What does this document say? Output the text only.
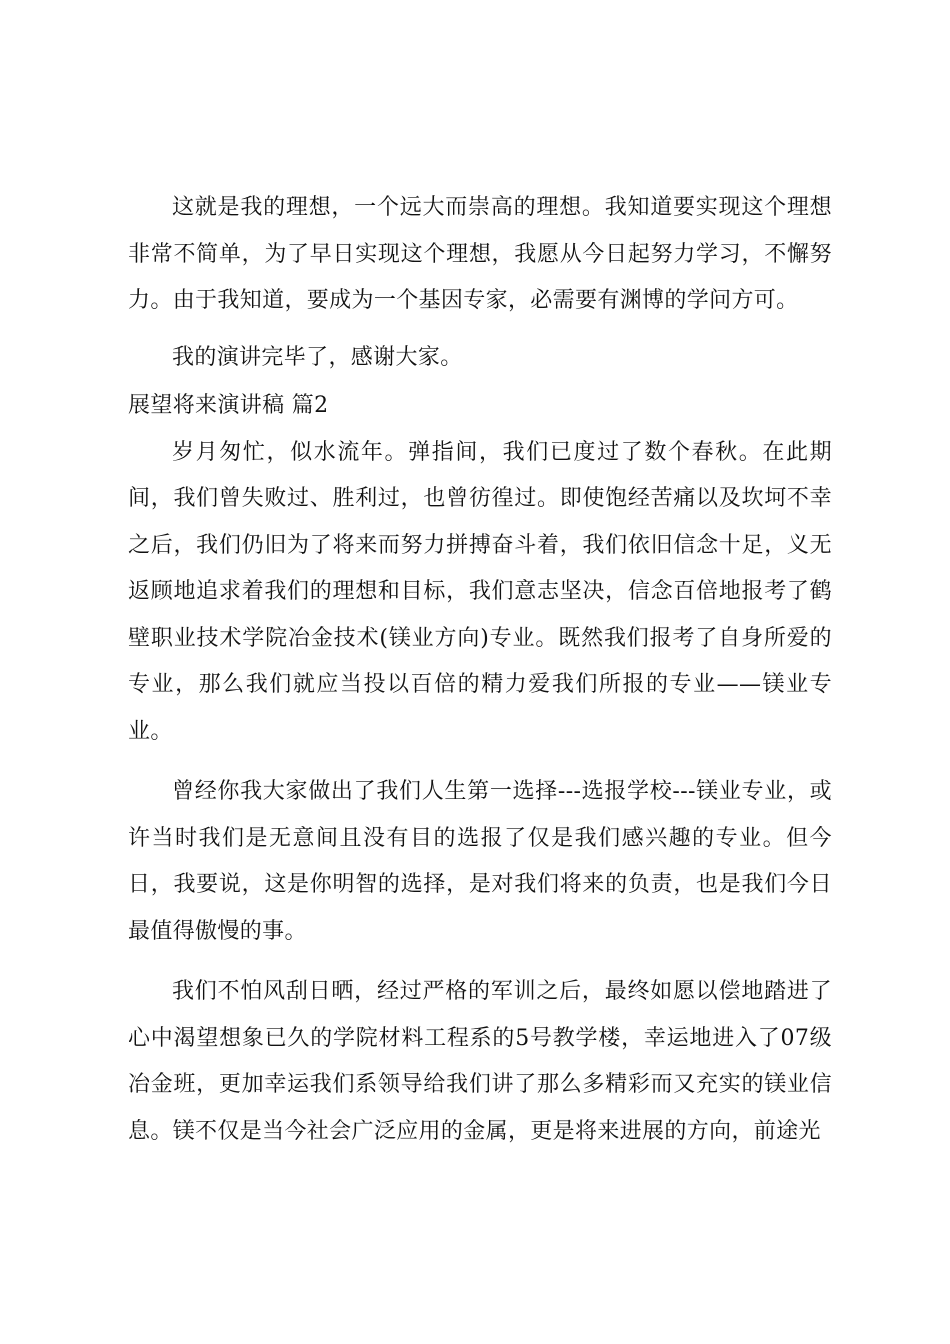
这就是我的理想，一个远大而崇高的理想。我知道要实现这个理想非常不简单，为了早日实现这个理想，我愿从今日起努力学习，不懈努力。由于我知道，要成为一个基因专家，必需要有渊博的学问方可。

我的演讲完毕了，感谢大家。

展望将来演讲稿 篇2

岁月匆忙，似水流年。弹指间，我们已度过了数个春秋。在此期间，我们曾失败过、胜利过，也曾彷徨过。即使饱经苦痛以及坎坷不幸之后，我们仍旧为了将来而努力拼搏奋斗着，我们依旧信念十足，义无返顾地追求着我们的理想和目标，我们意志坚决，信念百倍地报考了鹤壁职业技术学院冶金技术(镁业方向)专业。既然我们报考了自身所爱的专业，那么我们就应当投以百倍的精力爱我们所报的专业——镁业专业。

曾经你我大家做出了我们人生第一选择---选报学校---镁业专业，或许当时我们是无意间且没有目的选报了仅是我们感兴趣的专业。但今日，我要说，这是你明智的选择，是对我们将来的负责，也是我们今日最值得傲慢的事。

我们不怕风刮日晒，经过严格的军训之后，最终如愿以偿地踏进了心中渴望想象已久的学院材料工程系的5号教学楼，幸运地进入了07级冶金班，更加幸运我们系领导给我们讲了那么多精彩而又充实的镁业信息。镁不仅是当今社会广泛应用的金属，更是将来进展的方向，前途光
